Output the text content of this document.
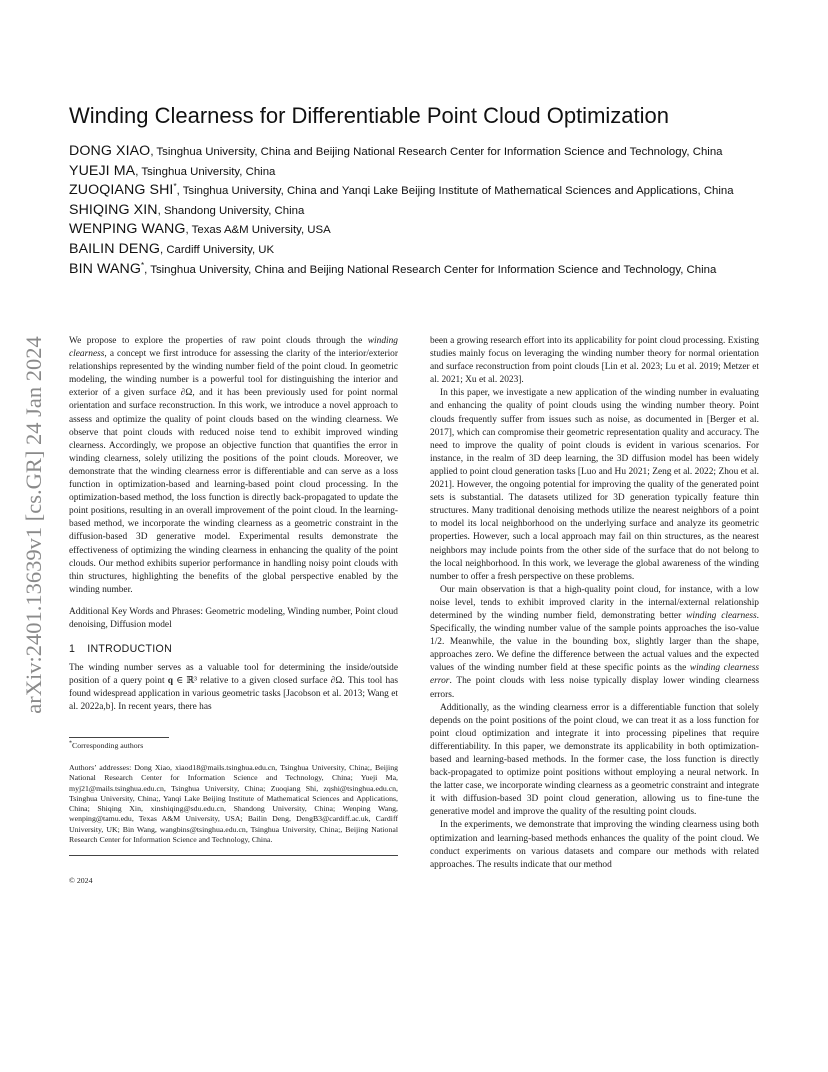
arXiv:2401.13639v1 [cs.GR] 24 Jan 2024
Winding Clearness for Differentiable Point Cloud Optimization
DONG XIAO, Tsinghua University, China and Beijing National Research Center for Information Science and Technology, China
YUEJI MA, Tsinghua University, China
ZUOQIANG SHI*, Tsinghua University, China and Yanqi Lake Beijing Institute of Mathematical Sciences and Applications, China
SHIQING XIN, Shandong University, China
WENPING WANG, Texas A&M University, USA
BAILIN DENG, Cardiff University, UK
BIN WANG*, Tsinghua University, China and Beijing National Research Center for Information Science and Technology, China

We propose to explore the properties of raw point clouds through the winding clearness, a concept we first introduce for assessing the clarity of the interior/exterior relationships represented by the winding number field of the point cloud. In geometric modeling, the winding number is a powerful tool for distinguishing the interior and exterior of a given surface ∂Ω, and it has been previously used for point normal orientation and surface reconstruction. In this work, we introduce a novel approach to assess and optimize the quality of point clouds based on the winding clearness. We observe that point clouds with reduced noise tend to exhibit improved winding clearness. Accordingly, we propose an objective function that quantifies the error in winding clearness, solely utilizing the positions of the point clouds. Moreover, we demonstrate that the winding clearness error is differentiable and can serve as a loss function in optimization-based and learning-based point cloud processing. In the optimization-based method, the loss function is directly back-propagated to update the point positions, resulting in an overall improvement of the point cloud. In the learning-based method, we incorporate the winding clearness as a geometric constraint in the diffusion-based 3D generative model. Experimental results demonstrate the effectiveness of optimizing the winding clearness in enhancing the quality of the point clouds. Our method exhibits superior performance in handling noisy point clouds with thin structures, highlighting the benefits of the global perspective enabled by the winding number.

Additional Key Words and Phrases: Geometric modeling, Winding number, Point cloud denoising, Diffusion model

1 INTRODUCTION

The winding number serves as a valuable tool for determining the inside/outside position of a query point q ∈ ℝ³ relative to a given closed surface ∂Ω. This tool has found widespread application in various geometric tasks [Jacobson et al. 2013; Wang et al. 2022a,b]. In recent years, there has

*Corresponding authors
Authors’ addresses: Dong Xiao, xiaod18@mails.tsinghua.edu.cn, Tsinghua University, China;, Beijing National Research Center for Information Science and Technology, China; Yueji Ma, myj21@mails.tsinghua.edu.cn, Tsinghua University, China; Zuoqiang Shi, zqshi@tsinghua.edu.cn, Tsinghua University, China;, Yanqi Lake Beijing Institute of Mathematical Sciences and Applications, China; Shiqing Xin, xinshiqing@sdu.edu.cn, Shandong University, China; Wenping Wang, wenping@tamu.edu, Texas A&M University, USA; Bailin Deng, DengB3@cardiff.ac.uk, Cardiff University, UK; Bin Wang, wangbins@tsinghua.edu.cn, Tsinghua University, China;, Beijing National Research Center for Information Science and Technology, China.
© 2024

been a growing research effort into its applicability for point cloud processing. Existing studies mainly focus on leveraging the winding number theory for normal orientation and surface reconstruction from point clouds [Lin et al. 2023; Lu et al. 2019; Metzer et al. 2021; Xu et al. 2023].

In this paper, we investigate a new application of the winding number in evaluating and enhancing the quality of point clouds using the winding number theory. Point clouds frequently suffer from issues such as noise, as documented in [Berger et al. 2017], which can compromise their geometric representation quality and accuracy. The need to improve the quality of point clouds is evident in various scenarios. For instance, in the realm of 3D deep learning, the 3D diffusion model has been widely applied to point cloud generation tasks [Luo and Hu 2021; Zeng et al. 2022; Zhou et al. 2021]. However, the ongoing potential for improving the quality of the generated point sets is substantial. The datasets utilized for 3D generation typically feature thin structures. Many traditional denoising methods utilize the nearest neighbors of a point to model its local neighborhood on the underlying surface and analyze its geometric properties. However, such a local approach may fail on thin structures, as the nearest neighbors may include points from the other side of the surface that do not belong to the local neighborhood. In this work, we leverage the global awareness of the winding number to offer a fresh perspective on these problems.

Our main observation is that a high-quality point cloud, for instance, with a low noise level, tends to exhibit improved clarity in the internal/external relationship determined by the winding number field, demonstrating better winding clearness. Specifically, the winding number value of the sample points approaches the iso-value 1/2. Meanwhile, the value in the bounding box, slightly larger than the shape, approaches zero. We define the difference between the actual values and the expected values of the winding number field at these specific points as the winding clearness error. The point clouds with less noise typically display lower winding clearness errors.

Additionally, as the winding clearness error is a differentiable function that solely depends on the point positions of the point cloud, we can treat it as a loss function for point cloud optimization and integrate it into processing pipelines that require differentiability. In this paper, we demonstrate its applicability in both optimization-based and learning-based methods. In the former case, the loss function is directly back-propagated to optimize point positions without employing a neural network. In the latter case, we incorporate winding clearness as a geometric constraint and integrate it with diffusion-based 3D point cloud generation, allowing us to fine-tune the generative model and improve the quality of the resulting point clouds.

In the experiments, we demonstrate that improving the winding clearness using both optimization and learning-based methods enhances the quality of the point cloud. We conduct experiments on various datasets and compare our methods with related approaches. The results indicate that our method
